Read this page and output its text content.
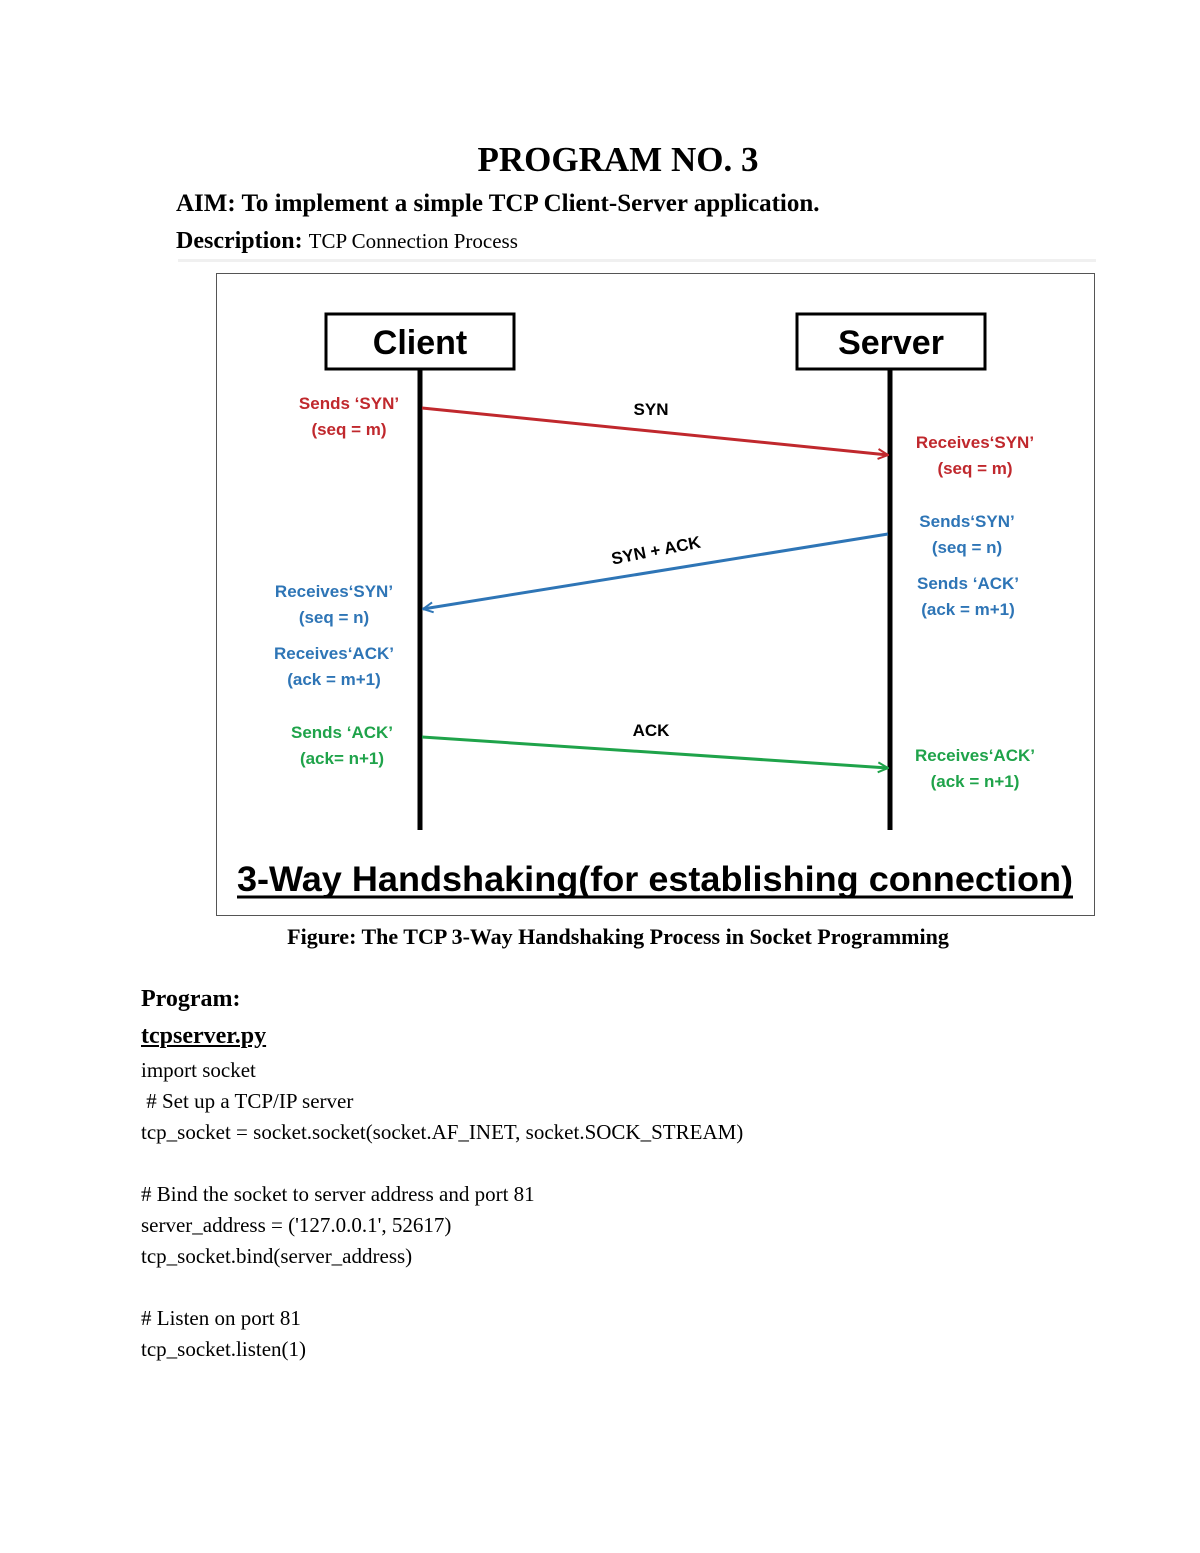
PROGRAM NO. 3
AIM: To implement a simple TCP Client-Server application.
Description: TCP Connection Process
Client	Server
SYN
SYN + ACK
ACK
Sends ‘SYN’
(seq = m)
Receives‘SYN’
(seq = n)
Receives‘ACK’
(ack = m+1)
Sends ‘ACK’
(ack= n+1)
Receives‘SYN’
(seq = m)
Sends‘SYN’
(seq = n)
Sends ‘ACK’
(ack = m+1)
Receives‘ACK’
(ack = n+1)
3-Way Handshaking(for establishing connection)
Figure: The TCP 3-Way Handshaking Process in Socket Programming
Program:
tcpserver.py
import socket
# Set up a TCP/IP server
tcp_socket = socket.socket(socket.AF_INET, socket.SOCK_STREAM)
# Bind the socket to server address and port 81
server_address = ('127.0.0.1', 52617)
tcp_socket.bind(server_address)
# Listen on port 81
tcp_socket.listen(1)
